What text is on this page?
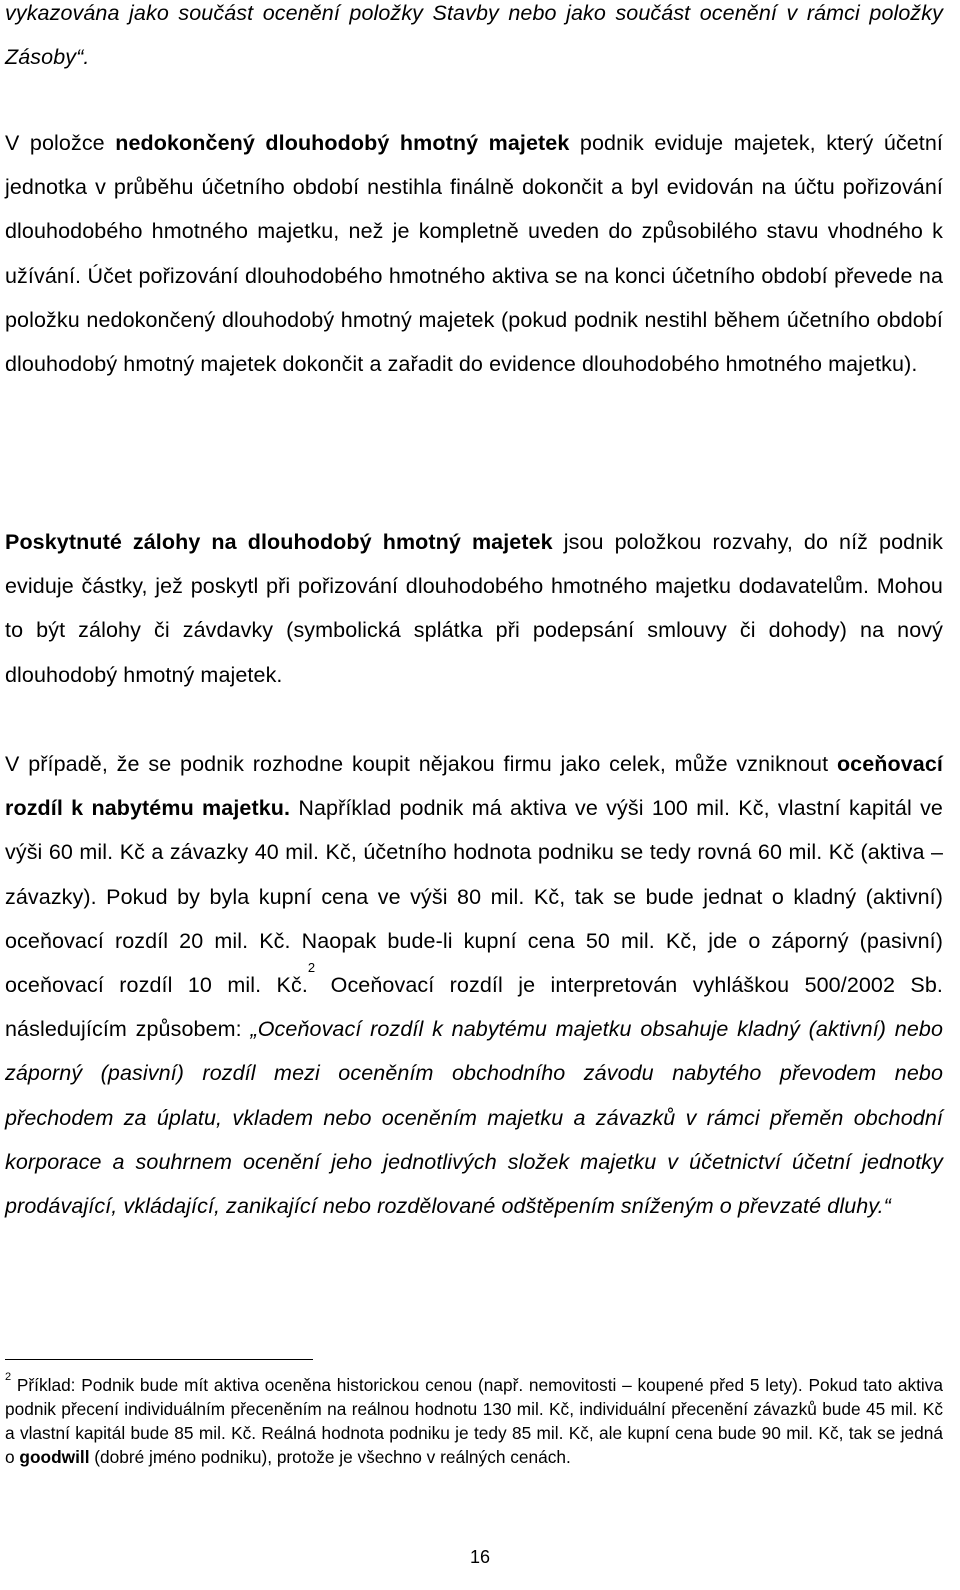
vykazována jako součást ocenění položky Stavby nebo jako součást ocenění v rámci položky Zásoby“.

V položce nedokončený dlouhodobý hmotný majetek podnik eviduje majetek, který účetní jednotka v průběhu účetního období nestihla finálně dokončit a byl evidován na účtu pořizování dlouhodobého hmotného majetku, než je kompletně uveden do způsobilého stavu vhodného k užívání. Účet pořizování dlouhodobého hmotného aktiva se na konci účetního období převede na položku nedokončený dlouhodobý hmotný majetek (pokud podnik nestihl během účetního období dlouhodobý hmotný majetek dokončit a zařadit do evidence dlouhodobého hmotného majetku).

Poskytnuté zálohy na dlouhodobý hmotný majetek jsou položkou rozvahy, do níž podnik eviduje částky, jež poskytl při pořizování dlouhodobého hmotného majetku dodavatelům. Mohou to být zálohy či závdavky (symbolická splátka při podepsání smlouvy či dohody) na nový dlouhodobý hmotný majetek.

V případě, že se podnik rozhodne koupit nějakou firmu jako celek, může vzniknout oceňovací rozdíl k nabytému majetku. Například podnik má aktiva ve výši 100 mil. Kč, vlastní kapitál ve výši 60 mil. Kč a závazky 40 mil. Kč, účetního hodnota podniku se tedy rovná 60 mil. Kč (aktiva – závazky). Pokud by byla kupní cena ve výši 80 mil. Kč, tak se bude jednat o kladný (aktivní) oceňovací rozdíl 20 mil. Kč. Naopak bude-li kupní cena 50 mil. Kč, jde o záporný (pasivní) oceňovací rozdíl 10 mil. Kč.$^2$ Oceňovací rozdíl je interpretován vyhláškou 500/2002 Sb. následujícím způsobem: „Oceňovací rozdíl k nabytému majetku obsahuje kladný (aktivní) nebo záporný (pasivní) rozdíl mezi oceněním obchodního závodu nabytého převodem nebo přechodem za úplatu, vkladem nebo oceněním majetku a závazků v rámci přeměn obchodní korporace a souhrnem ocenění jeho jednotlivých složek majetku v účetnictví účetní jednotky prodávající, vkládající, zanikající nebo rozdělované odštěpením sníženým o převzaté dluhy.“

$^2$ Příklad: Podnik bude mít aktiva oceněna historickou cenou (např. nemovitosti – koupené před 5 lety). Pokud tato aktiva podnik přecení individuálním přeceněním na reálnou hodnotu 130 mil. Kč, individuální přecenění závazků bude 45 mil. Kč a vlastní kapitál bude 85 mil. Kč. Reálná hodnota podniku je tedy 85 mil. Kč, ale kupní cena bude 90 mil. Kč, tak se jedná o goodwill (dobré jméno podniku), protože je všechno v reálných cenách.

16
